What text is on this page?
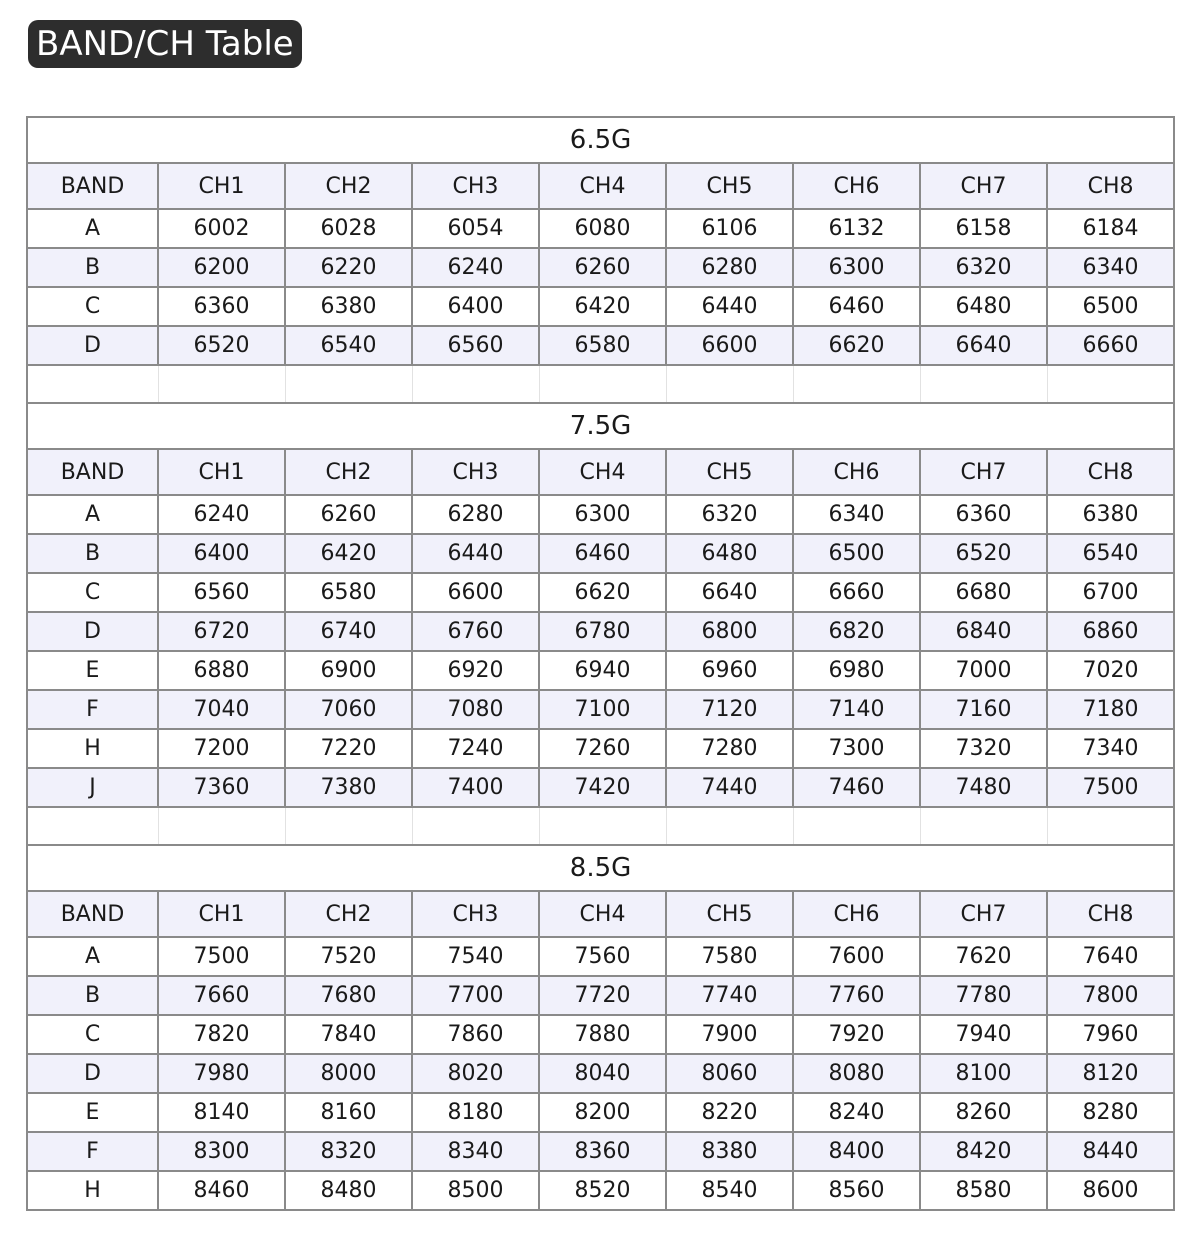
BAND/CH Table
6.5G								
BAND	CH1	CH2	CH3	CH4	CH5	CH6	CH7	CH8
A	6002	6028	6054	6080	6106	6132	6158	6184
B	6200	6220	6240	6260	6280	6300	6320	6340
C	6360	6380	6400	6420	6440	6460	6480	6500
D	6520	6540	6560	6580	6600	6620	6640	6660

7.5G								
BAND	CH1	CH2	CH3	CH4	CH5	CH6	CH7	CH8
A	6240	6260	6280	6300	6320	6340	6360	6380
B	6400	6420	6440	6460	6480	6500	6520	6540
C	6560	6580	6600	6620	6640	6660	6680	6700
D	6720	6740	6760	6780	6800	6820	6840	6860
E	6880	6900	6920	6940	6960	6980	7000	7020
F	7040	7060	7080	7100	7120	7140	7160	7180
H	7200	7220	7240	7260	7280	7300	7320	7340
J	7360	7380	7400	7420	7440	7460	7480	7500

8.5G								
BAND	CH1	CH2	CH3	CH4	CH5	CH6	CH7	CH8
A	7500	7520	7540	7560	7580	7600	7620	7640
B	7660	7680	7700	7720	7740	7760	7780	7800
C	7820	7840	7860	7880	7900	7920	7940	7960
D	7980	8000	8020	8040	8060	8080	8100	8120
E	8140	8160	8180	8200	8220	8240	8260	8280
F	8300	8320	8340	8360	8380	8400	8420	8440
H	8460	8480	8500	8520	8540	8560	8580	8600
